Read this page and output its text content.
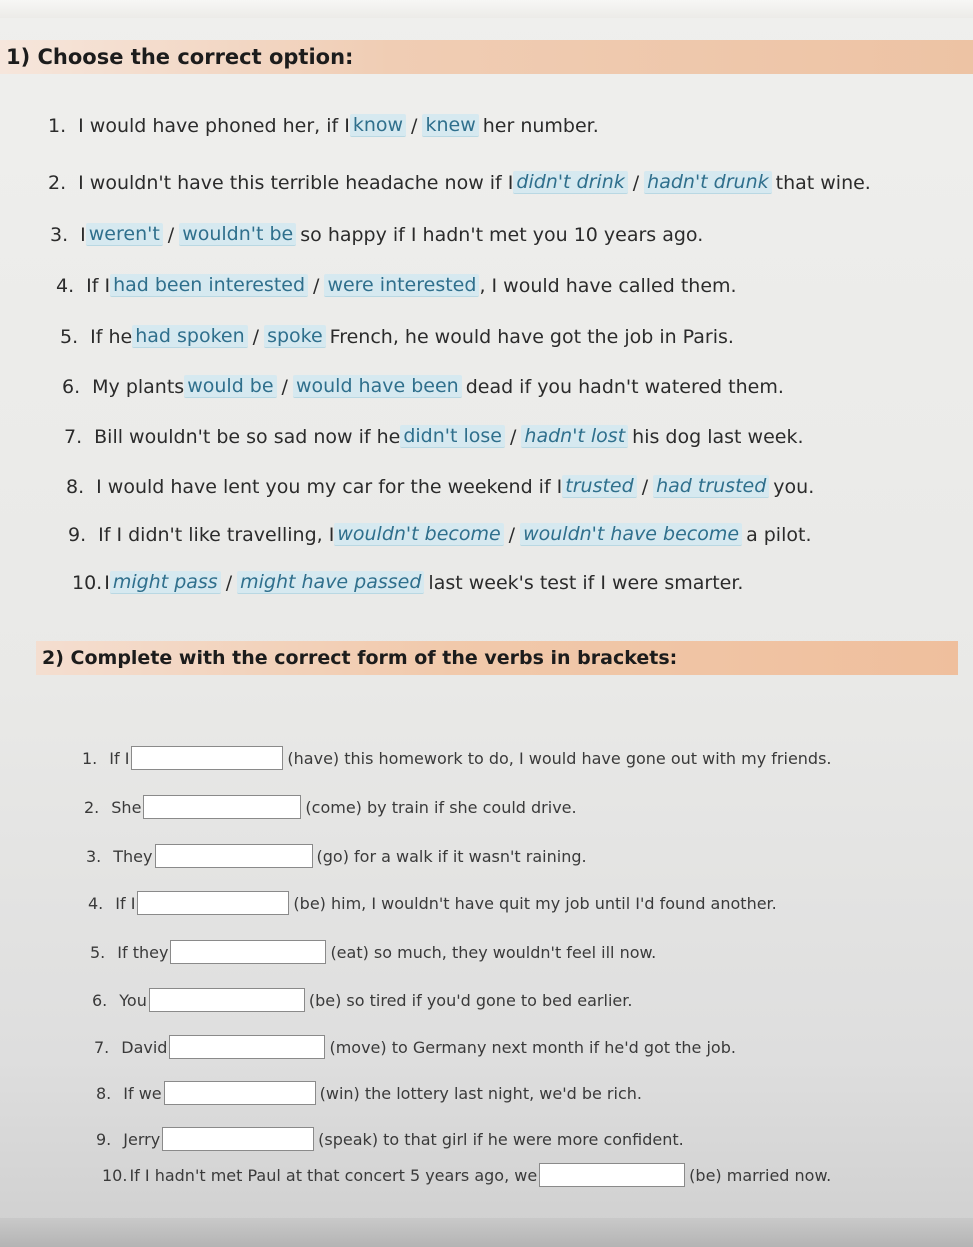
1) Choose the correct option:
1. I would have phoned her, if I know / knew her number.
2. I wouldn't have this terrible headache now if I didn't drink / hadn't drunk that wine.
3. I weren't / wouldn't be so happy if I hadn't met you 10 years ago.
4. If I had been interested / were interested , I would have called them.
5. If he had spoken / spoke French, he would have got the job in Paris.
6. My plants would be / would have been dead if you hadn't watered them.
7. Bill wouldn't be so sad now if he didn't lose / hadn't lost his dog last week.
8. I would have lent you my car for the weekend if I trusted / had trusted you.
9. If I didn't like travelling, I wouldn't become / wouldn't have become a pilot.
10. I might pass / might have passed last week's test if I were smarter.
2) Complete with the correct form of the verbs in brackets:
1. If I	(have) this homework to do, I would have gone out with my friends.
2. She	(come) by train if she could drive.
3. They	(go) for a walk if it wasn't raining.
4. If I	(be) him, I wouldn't have quit my job until I'd found another.
5. If they	(eat) so much, they wouldn't feel ill now.
6. You	(be) so tired if you'd gone to bed earlier.
7. David	(move) to Germany next month if he'd got the job.
8. If we	(win) the lottery last night, we'd be rich.
9. Jerry	(speak) to that girl if he were more confident.
10. If I hadn't met Paul at that concert 5 years ago, we	(be) married now.
